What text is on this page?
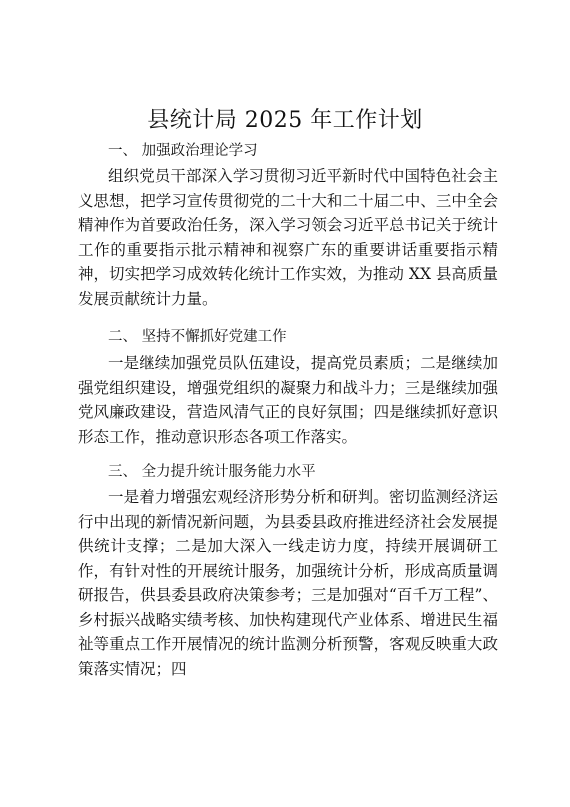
县统计局 2025 年工作计划
一、 加强政治理论学习

组织党员干部深入学习贯彻习近平新时代中国特色社会主义思想，把学习宣传贯彻党的二十大和二十届二中、三中全会精神作为首要政治任务，深入学习领会习近平总书记关于统计工作的重要指示批示精神和视察广东的重要讲话重要指示精神，切实把学习成效转化统计工作实效，为推动 XX 县高质量发展贡献统计力量。

二、 坚持不懈抓好党建工作

一是继续加强党员队伍建设，提高党员素质；二是继续加强党组织建设，增强党组织的凝聚力和战斗力；三是继续加强党风廉政建设，营造风清气正的良好氛围；四是继续抓好意识形态工作，推动意识形态各项工作落实。

三、 全力提升统计服务能力水平

一是着力增强宏观经济形势分析和研判。密切监测经济运行中出现的新情况新问题，为县委县政府推进经济社会发展提供统计支撑；二是加大深入一线走访力度，持续开展调研工作，有针对性的开展统计服务，加强统计分析，形成高质量调研报告，供县委县政府决策参考；三是加强对“百千万工程”、乡村振兴战略实绩考核、加快构建现代产业体系、增进民生福祉等重点工作开展情况的统计监测分析预警，客观反映重大政策落实情况；四
